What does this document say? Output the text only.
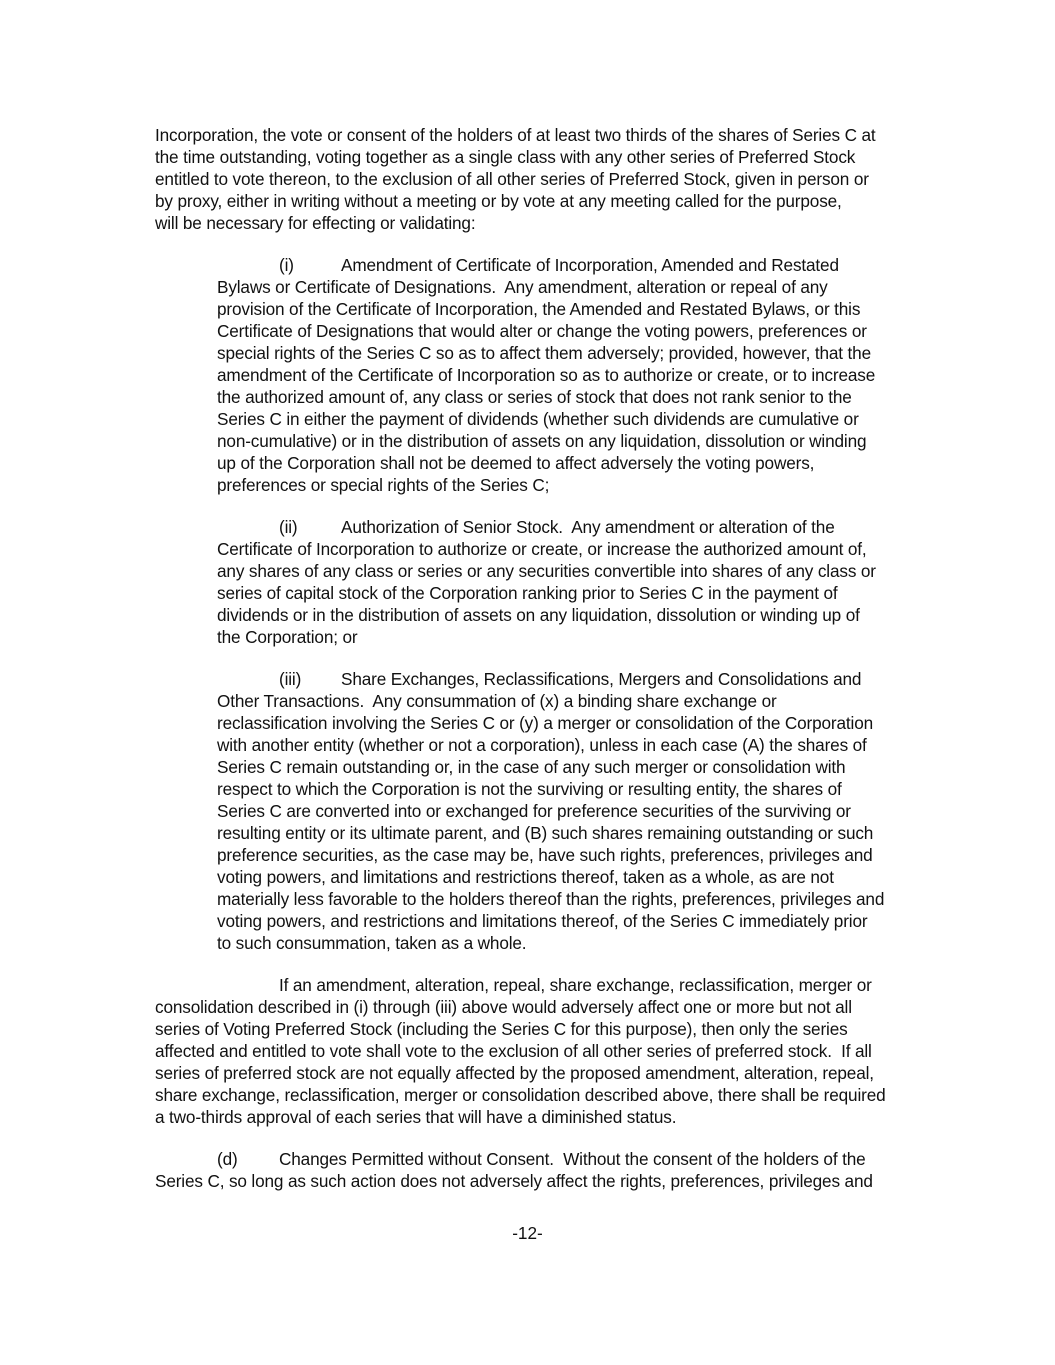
Incorporation, the vote or consent of the holders of at least two thirds of the shares of Series C at
the time outstanding, voting together as a single class with any other series of Preferred Stock
entitled to vote thereon, to the exclusion of all other series of Preferred Stock, given in person or
by proxy, either in writing without a meeting or by vote at any meeting called for the purpose,
will be necessary for effecting or validating:
(i)	Amendment of Certificate of Incorporation, Amended and Restated
Bylaws or Certificate of Designations.  Any amendment, alteration or repeal of any
provision of the Certificate of Incorporation, the Amended and Restated Bylaws, or this
Certificate of Designations that would alter or change the voting powers, preferences or
special rights of the Series C so as to affect them adversely; provided, however, that the
amendment of the Certificate of Incorporation so as to authorize or create, or to increase
the authorized amount of, any class or series of stock that does not rank senior to the
Series C in either the payment of dividends (whether such dividends are cumulative or
non-cumulative) or in the distribution of assets on any liquidation, dissolution or winding
up of the Corporation shall not be deemed to affect adversely the voting powers,
preferences or special rights of the Series C;
(ii)	Authorization of Senior Stock.  Any amendment or alteration of the
Certificate of Incorporation to authorize or create, or increase the authorized amount of,
any shares of any class or series or any securities convertible into shares of any class or
series of capital stock of the Corporation ranking prior to Series C in the payment of
dividends or in the distribution of assets on any liquidation, dissolution or winding up of
the Corporation; or
(iii) Share Exchanges, Reclassifications, Mergers and Consolidations and
Other Transactions.  Any consummation of (x) a binding share exchange or
reclassification involving the Series C or (y) a merger or consolidation of the Corporation
with another entity (whether or not a corporation), unless in each case (A) the shares of
Series C remain outstanding or, in the case of any such merger or consolidation with
respect to which the Corporation is not the surviving or resulting entity, the shares of
Series C are converted into or exchanged for preference securities of the surviving or
resulting entity or its ultimate parent, and (B) such shares remaining outstanding or such
preference securities, as the case may be, have such rights, preferences, privileges and
voting powers, and limitations and restrictions thereof, taken as a whole, as are not
materially less favorable to the holders thereof than the rights, preferences, privileges and
voting powers, and restrictions and limitations thereof, of the Series C immediately prior
to such consummation, taken as a whole.
If an amendment, alteration, repeal, share exchange, reclassification, merger or
consolidation described in (i) through (iii) above would adversely affect one or more but not all
series of Voting Preferred Stock (including the Series C for this purpose), then only the series
affected and entitled to vote shall vote to the exclusion of all other series of preferred stock.  If all
series of preferred stock are not equally affected by the proposed amendment, alteration, repeal,
share exchange, reclassification, merger or consolidation described above, there shall be required
a two-thirds approval of each series that will have a diminished status.
(d) Changes Permitted without Consent.  Without the consent of the holders of the
Series C, so long as such action does not adversely affect the rights, preferences, privileges and
-12-
